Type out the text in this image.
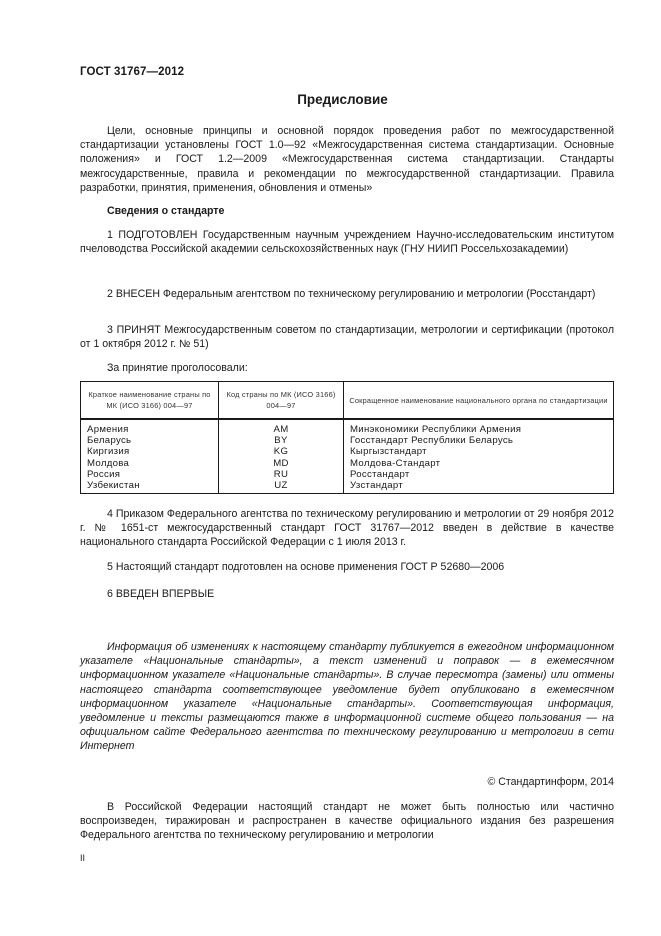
ГОСТ 31767—2012
Предисловие
Цели, основные принципы и основной порядок проведения работ по межгосударственной стандартизации установлены ГОСТ 1.0—92 «Межгосударственная система стандартизации. Основные положения» и ГОСТ 1.2—2009 «Межгосударственная система стандартизации. Стандарты межгосударственные, правила и рекомендации по межгосударственной стандартизации. Правила разработки, принятия, применения, обновления и отмены»
Сведения о стандарте
1 ПОДГОТОВЛЕН Государственным научным учреждением Научно-исследовательским институтом пчеловодства Российской академии сельскохозяйственных наук (ГНУ НИИП Россельхозакадемии)
2 ВНЕСЕН Федеральным агентством по техническому регулированию и метрологии (Росстандарт)
3 ПРИНЯТ Межгосударственным советом по стандартизации, метрологии и сертификации (протокол от 1 октября 2012 г. № 51)
За принятие проголосовали:
Краткое наименование страны по МК (ИСО 3166) 004—97	Код страны по МК (ИСО 3166) 004—97	Сокращенное наименование национального органа по стандартизации
Армения	AM	Минэкономики Республики Армения
Беларусь	BY	Госстандарт Республики Беларусь
Киргизия	KG	Кыргызстандарт
Молдова	MD	Молдова-Стандарт
Россия	RU	Росстандарт
Узбекистан	UZ	Узстандарт
4 Приказом Федерального агентства по техническому регулированию и метрологии от 29 ноября 2012 г. № 1651-ст межгосударственный стандарт ГОСТ 31767—2012 введен в действие в качестве национального стандарта Российской Федерации с 1 июля 2013 г.
5 Настоящий стандарт подготовлен на основе применения ГОСТ Р 52680—2006
6 ВВЕДЕН ВПЕРВЫЕ
Информация об изменениях к настоящему стандарту публикуется в ежегодном информационном указателе «Национальные стандарты», а текст изменений и поправок — в ежемесячном информационном указателе «Национальные стандарты». В случае пересмотра (замены) или отмены настоящего стандарта соответствующее уведомление будет опубликовано в ежемесячном информационном указателе «Национальные стандарты». Соответствующая информация, уведомление и тексты размещаются также в информационной системе общего пользования — на официальном сайте Федерального агентства по техническому регулированию и метрологии в сети Интернет
© Стандартинформ, 2014
В Российской Федерации настоящий стандарт не может быть полностью или частично воспроизведен, тиражирован и распространен в качестве официального издания без разрешения Федерального агентства по техническому регулированию и метрологии
II
